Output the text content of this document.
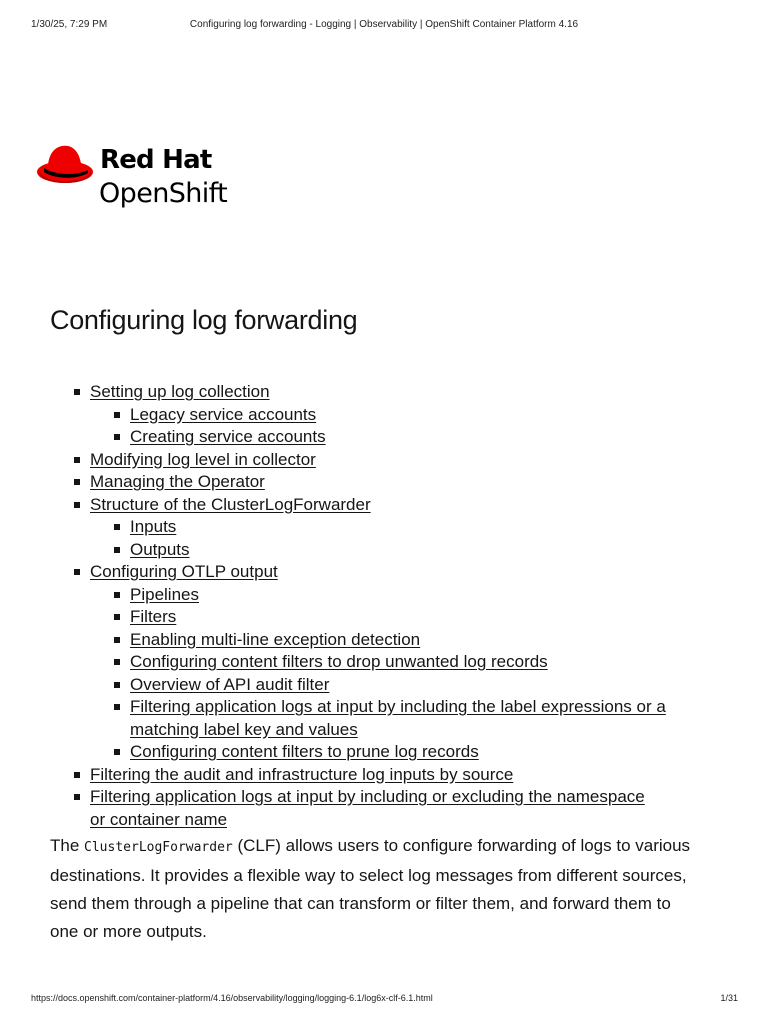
1/30/25, 7:29 PM	Configuring log forwarding - Logging | Observability | OpenShift Container Platform 4.16
Red Hat
OpenShift
Configuring log forwarding
Setting up log collection
Legacy service accounts
Creating service accounts
Modifying log level in collector
Managing the Operator
Structure of the ClusterLogForwarder
Inputs
Outputs
Configuring OTLP output
Pipelines
Filters
Enabling multi-line exception detection
Configuring content filters to drop unwanted log records
Overview of API audit filter
Filtering application logs at input by including the label expressions or a matching label key and values
Configuring content filters to prune log records
Filtering the audit and infrastructure log inputs by source
Filtering application logs at input by including or excluding the namespace or container name

The ClusterLogForwarder (CLF) allows users to configure forwarding of logs to various destinations. It provides a flexible way to select log messages from different sources, send them through a pipeline that can transform or filter them, and forward them to one or more outputs.

https://docs.openshift.com/container-platform/4.16/observability/logging/logging-6.1/log6x-clf-6.1.html	1/31
